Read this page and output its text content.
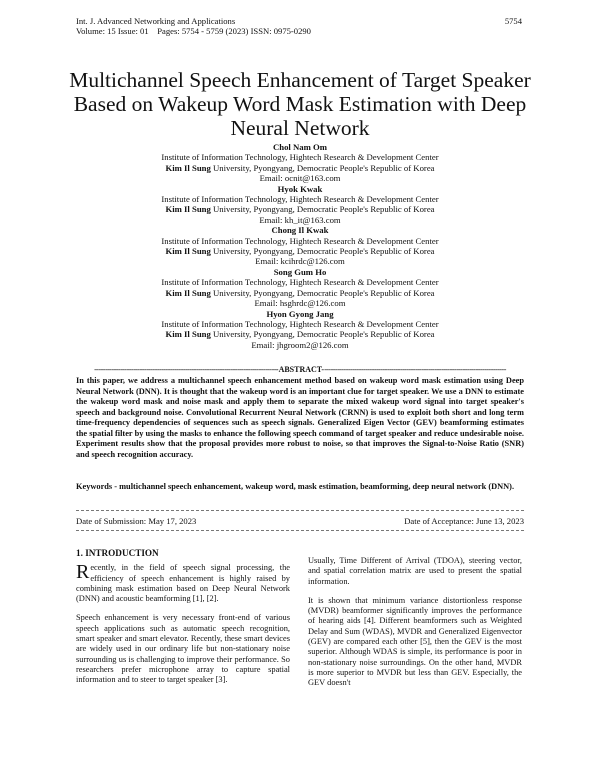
Int. J. Advanced Networking and Applications
Volume: 15 Issue: 01    Pages: 5754 - 5759 (2023) ISSN: 0975-0290
5754
Multichannel Speech Enhancement of Target Speaker Based on Wakeup Word Mask Estimation with Deep Neural Network
Chol Nam Om
Institute of Information Technology, Hightech Research & Development Center
Kim Il Sung University, Pyongyang, Democratic People's Republic of Korea
Email: ocnit@163.com
Hyok Kwak
Institute of Information Technology, Hightech Research & Development Center
Kim Il Sung University, Pyongyang, Democratic People's Republic of Korea
Email: kh_it@163.com
Chong Il Kwak
Institute of Information Technology, Hightech Research & Development Center
Kim Il Sung University, Pyongyang, Democratic People's Republic of Korea
Email: kcihrdc@126.com
Song Gum Ho
Institute of Information Technology, Hightech Research & Development Center
Kim Il Sung University, Pyongyang, Democratic People's Republic of Korea
Email: hsghrdc@126.com
Hyon Gyong Jang
Institute of Information Technology, Hightech Research & Development Center
Kim Il Sung University, Pyongyang, Democratic People's Republic of Korea
Email: jhgroom2@126.com
-------------------------------------------------------------------------------------ABSTRACT-------------------------------------------------------------------------------------
In this paper, we address a multichannel speech enhancement method based on wakeup word mask estimation using Deep Neural Network (DNN). It is thought that the wakeup word is an important clue for target speaker. We use a DNN to estimate the wakeup word mask and noise mask and apply them to separate the mixed wakeup word signal into target speaker's speech and background noise. Convolutional Recurrent Neural Network (CRNN) is used to exploit both short and long term time-frequency dependencies of sequences such as speech signals. Generalized Eigen Vector (GEV) beamforming estimates the spatial filter by using the masks to enhance the following speech command of target speaker and reduce undesirable noise. Experiment results show that the proposal provides more robust to noise, so that improves the Signal-to-Noise Ratio (SNR) and speech recognition accuracy.
Keywords - multichannel speech enhancement, wakeup word, mask estimation, beamforming, deep neural network (DNN).
Date of Submission: May 17, 2023	Date of Acceptance: June 13, 2023
1. INTRODUCTION

Recently, in the field of speech signal processing, the efficiency of speech enhancement is highly raised by combining mask estimation based on Deep Neural Network (DNN) and acoustic beamforming [1], [2].

Speech enhancement is very necessary front-end of various speech applications such as automatic speech recognition, smart speaker and smart elevator. Recently, these smart devices are widely used in our ordinary life but non-stationary noise surrounding us is challenging to improve their performance. So researchers prefer microphone array to capture spatial information and to steer to target speaker [3].

Usually, Time Different of Arrival (TDOA), steering vector, and spatial correlation matrix are used to present the spatial information.

It is shown that minimum variance distortionless response (MVDR) beamformer significantly improves the performance of hearing aids [4]. Different beamformers such as Weighted Delay and Sum (WDAS), MVDR and Generalized Eigenvector (GEV) are compared each other [5], then the GEV is the most superior. Although WDAS is simple, its performance is poor in non-stationary noise surroundings. On the other hand, MVDR is more superior to MVDR but less than GEV. Especially, the GEV doesn't
